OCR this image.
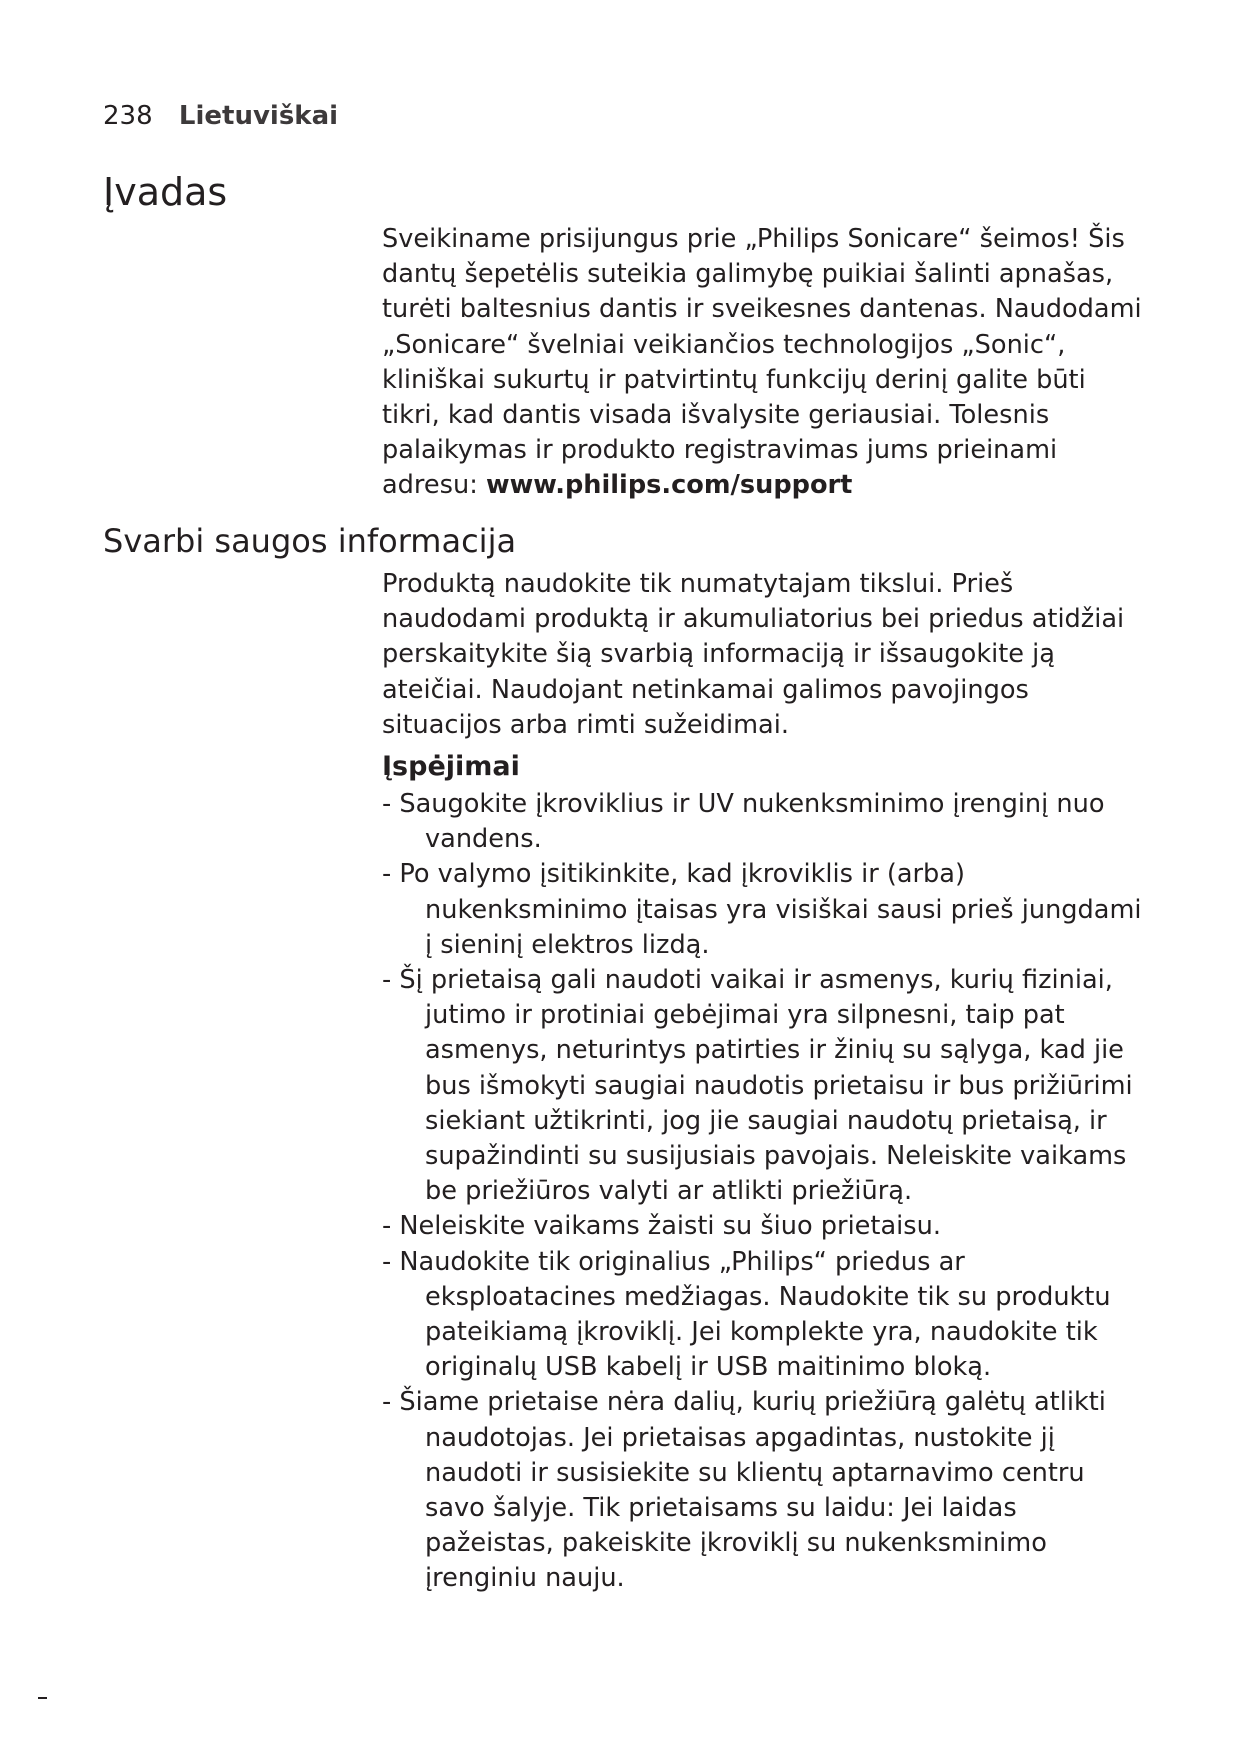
238 Lietuviškai
Įvadas

Sveikiname prisijungus prie „Philips Sonicare“ šeimos! Šis dantų šepetėlis suteikia galimybę puikiai šalinti apnašas, turėti baltesnius dantis ir sveikesnes dantenas. Naudodami „Sonicare“ švelniai veikiančios technologijos „Sonic“, kliniškai sukurtų ir patvirtintų funkcijų derinį galite būti tikri, kad dantis visada išvalysite geriausiai. Tolesnis palaikymas ir produkto registravimas jums prieinami adresu: www.philips.com/support

Svarbi saugos informacija

Produktą naudokite tik numatytajam tikslui. Prieš naudodami produktą ir akumuliatorius bei priedus atidžiai perskaitykite šią svarbią informaciją ir išsaugokite ją ateičiai. Naudojant netinkamai galimos pavojingos situacijos arba rimti sužeidimai.

Įspėjimai
- Saugokite įkroviklius ir UV nukenksminimo įrenginį nuo vandens.
- Po valymo įsitikinkite, kad įkroviklis ir (arba) nukenksminimo įtaisas yra visiškai sausi prieš jungdami į sieninį elektros lizdą.
- Šį prietaisą gali naudoti vaikai ir asmenys, kurių fiziniai, jutimo ir protiniai gebėjimai yra silpnesni, taip pat asmenys, neturintys patirties ir žinių su sąlyga, kad jie bus išmokyti saugiai naudotis prietaisu ir bus prižiūrimi siekiant užtikrinti, jog jie saugiai naudotų prietaisą, ir supažindinti su susijusiais pavojais. Neleiskite vaikams be priežiūros valyti ar atlikti priežiūrą.
- Neleiskite vaikams žaisti su šiuo prietaisu.
- Naudokite tik originalius „Philips“ priedus ar eksploatacines medžiagas. Naudokite tik su produktu pateikiamą įkroviklį. Jei komplekte yra, naudokite tik originalų USB kabelį ir USB maitinimo bloką.
- Šiame prietaise nėra dalių, kurių priežiūrą galėtų atlikti naudotojas. Jei prietaisas apgadintas, nustokite jį naudoti ir susisiekite su klientų aptarnavimo centru savo šalyje. Tik prietaisams su laidu: Jei laidas pažeistas, pakeiskite įkroviklį su nukenksminimo įrenginiu nauju.
